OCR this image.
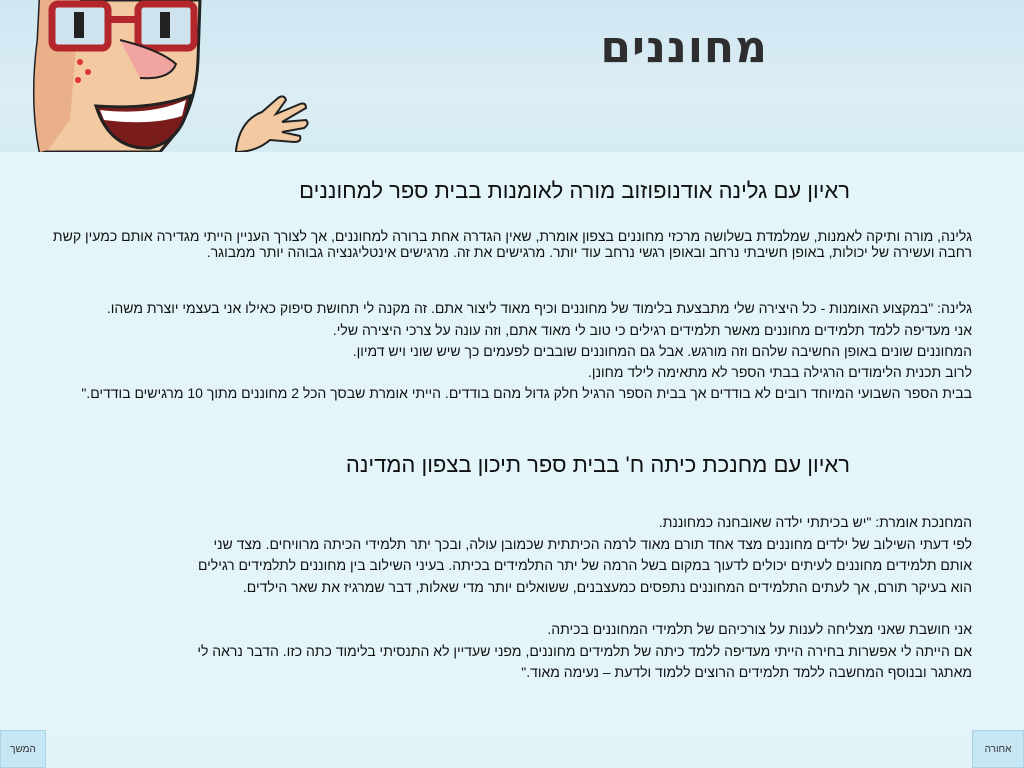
מחוננים
ראיון עם גלינה אודנופוזוב מורה לאומנות בבית ספר למחוננים
גלינה, מורה ותיקה לאמנות, שמלמדת בשלושה מרכזי מחוננים בצפון אומרת, שאין הגדרה אחת ברורה למחוננים, אך לצורך העניין הייתי מגדירה אותם כמעין קשת רחבה ועשירה של יכולות, באופן חשיבתי נרחב ובאופן רגשי נרחב עוד יותר. מרגישים את זה. מרגישים אינטליגנציה גבוהה יותר ממבוגר.
גלינה: "במקצוע האומנות - כל היצירה שלי מתבצעת בלימוד של מחוננים וכיף מאוד ליצור אתם. זה מקנה לי תחושת סיפוק כאילו אני בעצמי יוצרת משהו.
אני מעדיפה ללמד תלמידים מחוננים מאשר תלמידים רגילים כי טוב לי מאוד אתם, וזה עונה על צרכי היצירה שלי.
המחוננים שונים באופן החשיבה שלהם וזה מורגש. אבל גם המחוננים שובבים לפעמים כך שיש שוני ויש דמיון.
לרוב תכנית הלימודים הרגילה בבתי הספר לא מתאימה לילד מחונן.
בבית הספר השבועי המיוחד רובים לא בודדים אך בבית הספר הרגיל חלק גדול מהם בודדים. הייתי אומרת שבסך הכל 2 מחוננים מתוך 10 מרגישים בודדים."
ראיון עם מחנכת כיתה ח' בבית ספר תיכון בצפון המדינה
המחנכת אומרת: "יש בכיתתי ילדה שאובחנה כמחוננת.
לפי דעתי השילוב של ילדים מחוננים מצד אחד תורם מאוד לרמה הכיתתית שכמובן עולה, ובכך יתר תלמידי הכיתה מרוויחים. מצד שני
אותם תלמידים מחוננים לעיתים יכולים לדעוך במקום בשל הרמה של יתר התלמידים בכיתה. בעיני השילוב בין מחוננים לתלמידים רגילים
הוא בעיקר תורם, אך לעתים התלמידים המחוננים נתפסים כמעצבנים, ששואלים יותר מדי שאלות, דבר שמרגיז את שאר הילדים.
אני חושבת שאני מצליחה לענות על צורכיהם של תלמידי המחוננים בכיתה.
אם הייתה לי אפשרות בחירה הייתי מעדיפה ללמד כיתה של תלמידים מחוננים, מפני שעדיין לא התנסיתי בלימוד כתה כזו. הדבר נראה לי
מאתגר ובנוסף המחשבה ללמד תלמידים הרוצים ללמוד ולדעת – נעימה מאוד."
המשך	אחורה
